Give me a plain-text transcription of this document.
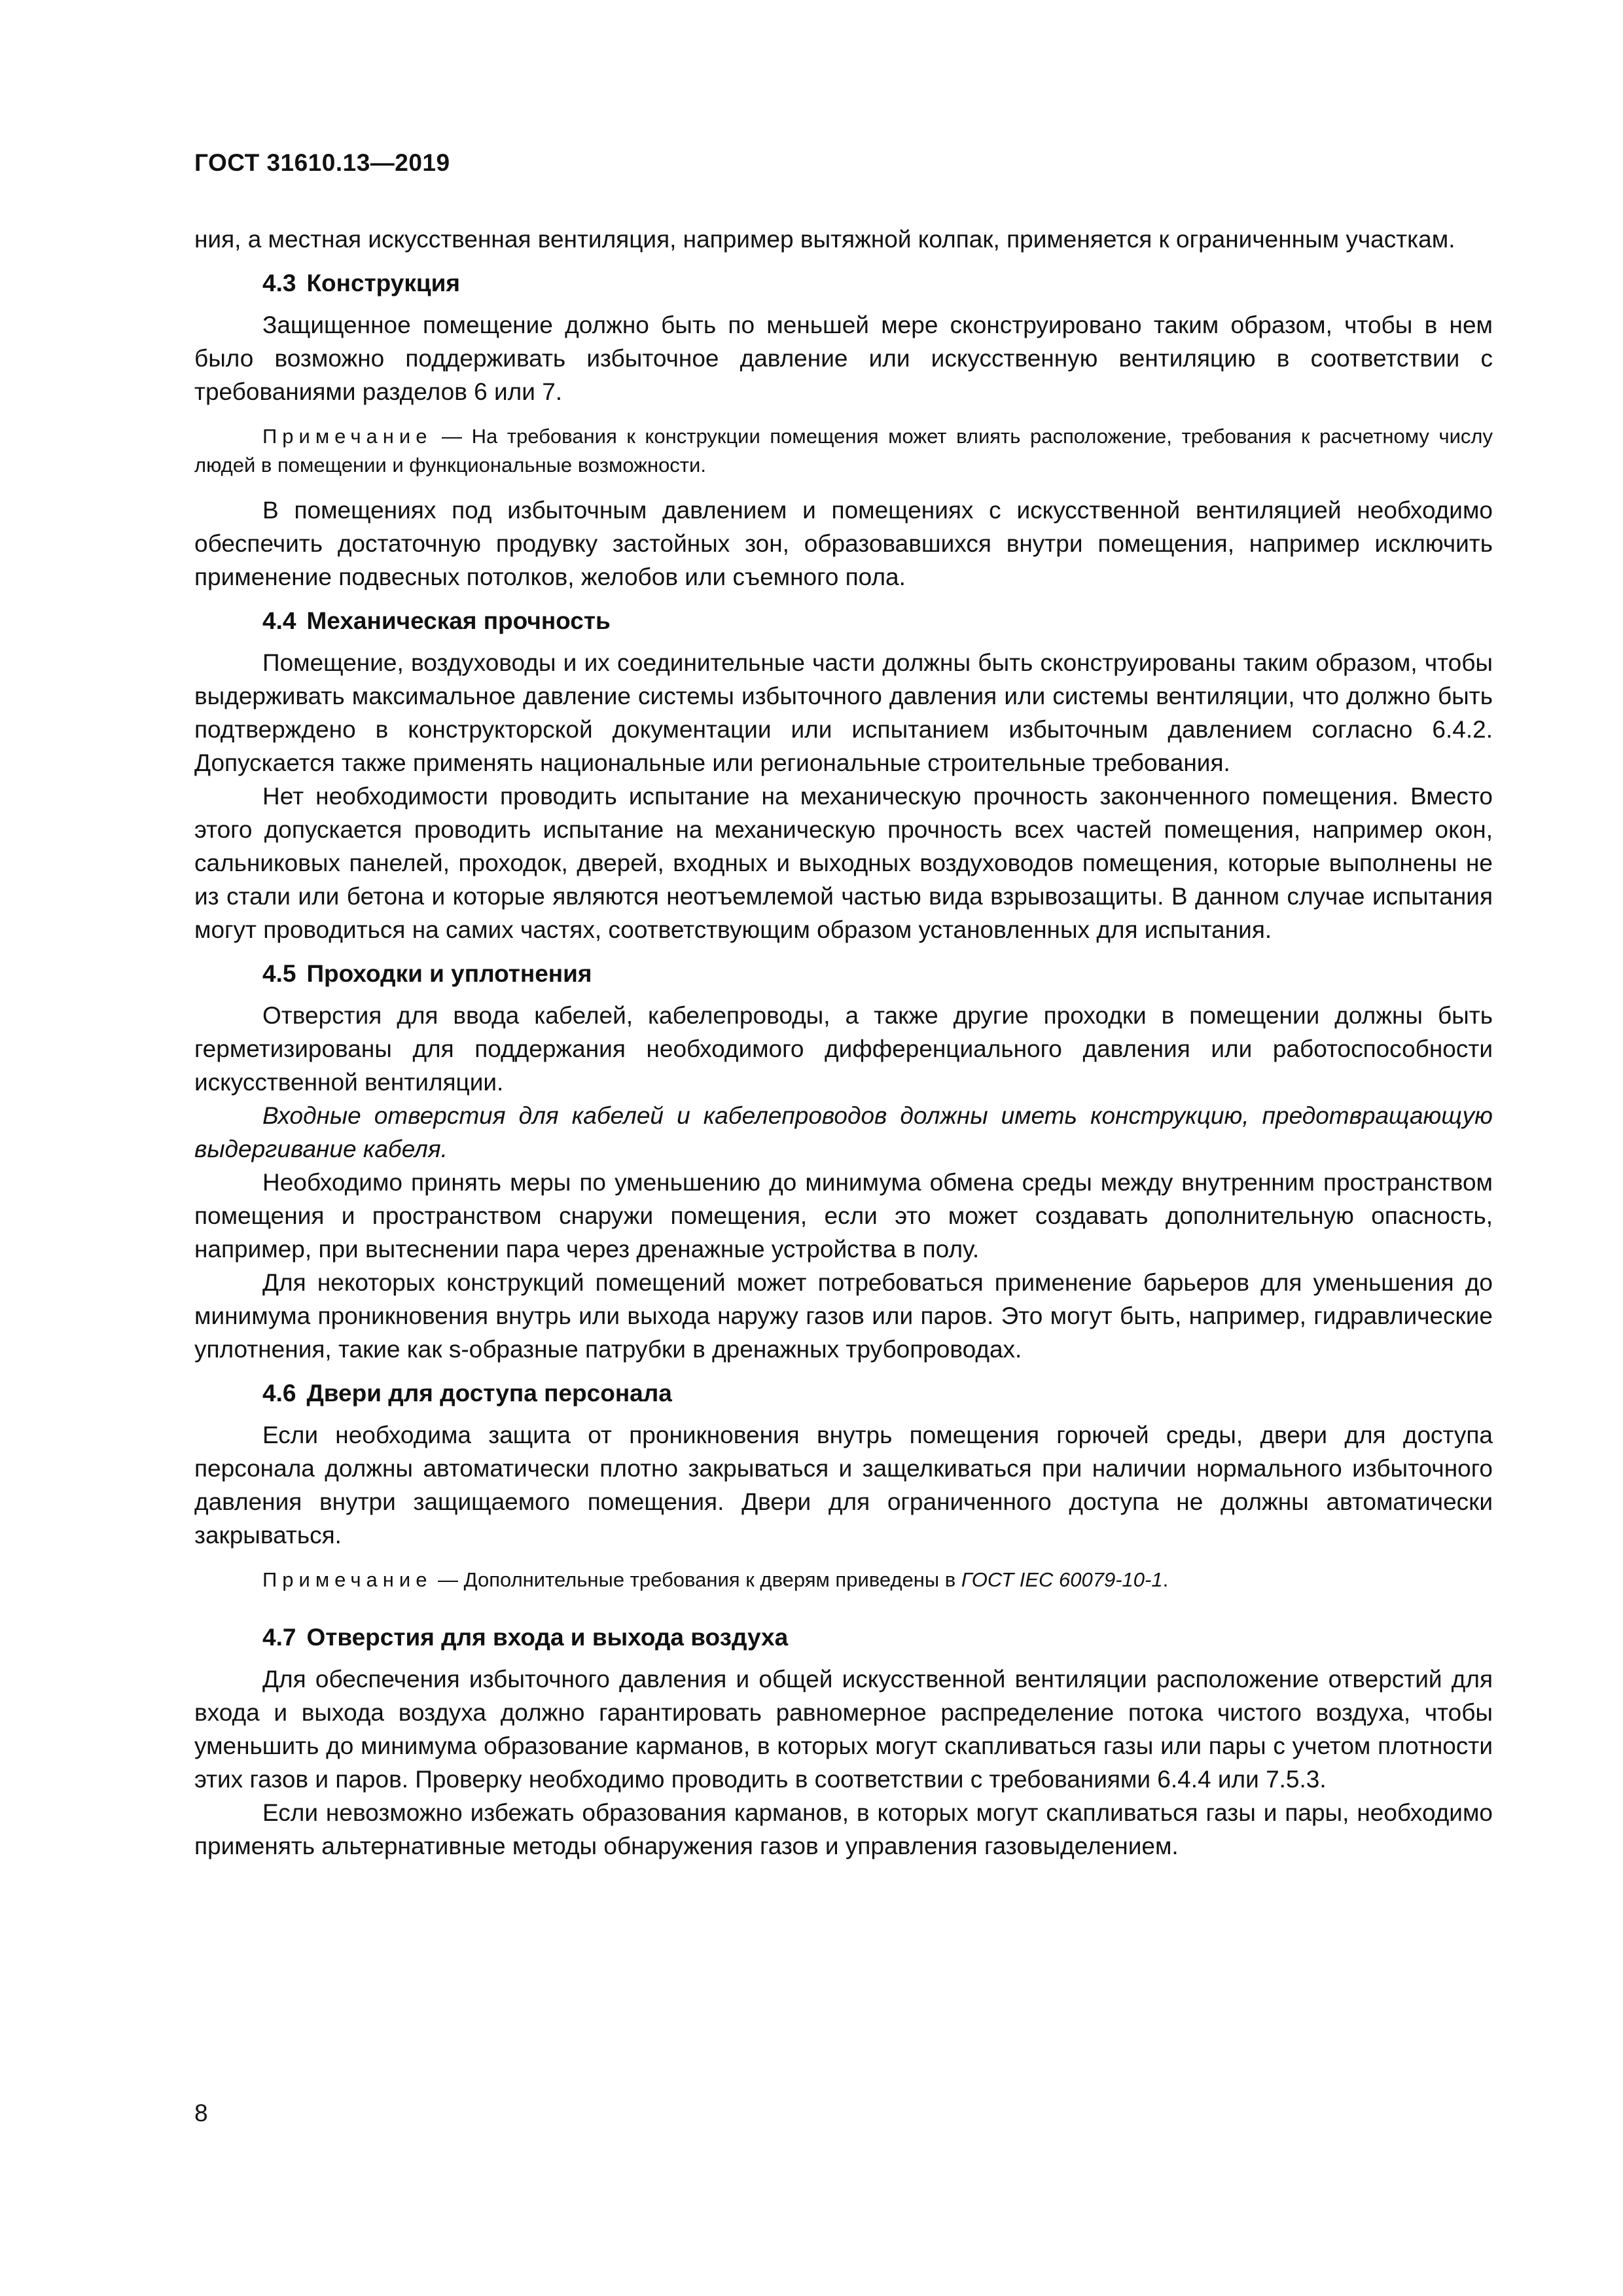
ГОСТ 31610.13—2019

ния, а местная искусственная вентиляция, например вытяжной колпак, применяется к ограниченным участкам.

4.3 Конструкция

Защищенное помещение должно быть по меньшей мере сконструировано таким образом, чтобы в нем было возможно поддерживать избыточное давление или искусственную вентиляцию в соответствии с требованиями разделов 6 или 7.

Примечание — На требования к конструкции помещения может влиять расположение, требования к расчетному числу людей в помещении и функциональные возможности.

В помещениях под избыточным давлением и помещениях с искусственной вентиляцией необходимо обеспечить достаточную продувку застойных зон, образовавшихся внутри помещения, например исключить применение подвесных потолков, желобов или съемного пола.

4.4 Механическая прочность

Помещение, воздуховоды и их соединительные части должны быть сконструированы таким образом, чтобы выдерживать максимальное давление системы избыточного давления или системы вентиляции, что должно быть подтверждено в конструкторской документации или испытанием избыточным давлением согласно 6.4.2. Допускается также применять национальные или региональные строительные требования.

Нет необходимости проводить испытание на механическую прочность законченного помещения. Вместо этого допускается проводить испытание на механическую прочность всех частей помещения, например окон, сальниковых панелей, проходок, дверей, входных и выходных воздуховодов помещения, которые выполнены не из стали или бетона и которые являются неотъемлемой частью вида взрывозащиты. В данном случае испытания могут проводиться на самих частях, соответствующим образом установленных для испытания.

4.5 Проходки и уплотнения

Отверстия для ввода кабелей, кабелепроводы, а также другие проходки в помещении должны быть герметизированы для поддержания необходимого дифференциального давления или работоспособности искусственной вентиляции.

Входные отверстия для кабелей и кабелепроводов должны иметь конструкцию, предотвращающую выдергивание кабеля.

Необходимо принять меры по уменьшению до минимума обмена среды между внутренним пространством помещения и пространством снаружи помещения, если это может создавать дополнительную опасность, например, при вытеснении пара через дренажные устройства в полу.

Для некоторых конструкций помещений может потребоваться применение барьеров для уменьшения до минимума проникновения внутрь или выхода наружу газов или паров. Это могут быть, например, гидравлические уплотнения, такие как s-образные патрубки в дренажных трубопроводах.

4.6 Двери для доступа персонала

Если необходима защита от проникновения внутрь помещения горючей среды, двери для доступа персонала должны автоматически плотно закрываться и защелкиваться при наличии нормального избыточного давления внутри защищаемого помещения. Двери для ограниченного доступа не должны автоматически закрываться.

Примечание — Дополнительные требования к дверям приведены в ГОСТ IEC 60079-10-1.

4.7 Отверстия для входа и выхода воздуха

Для обеспечения избыточного давления и общей искусственной вентиляции расположение отверстий для входа и выхода воздуха должно гарантировать равномерное распределение потока чистого воздуха, чтобы уменьшить до минимума образование карманов, в которых могут скапливаться газы или пары с учетом плотности этих газов и паров. Проверку необходимо проводить в соответствии с требованиями 6.4.4 или 7.5.3.

Если невозможно избежать образования карманов, в которых могут скапливаться газы и пары, необходимо применять альтернативные методы обнаружения газов и управления газовыделением.

8
